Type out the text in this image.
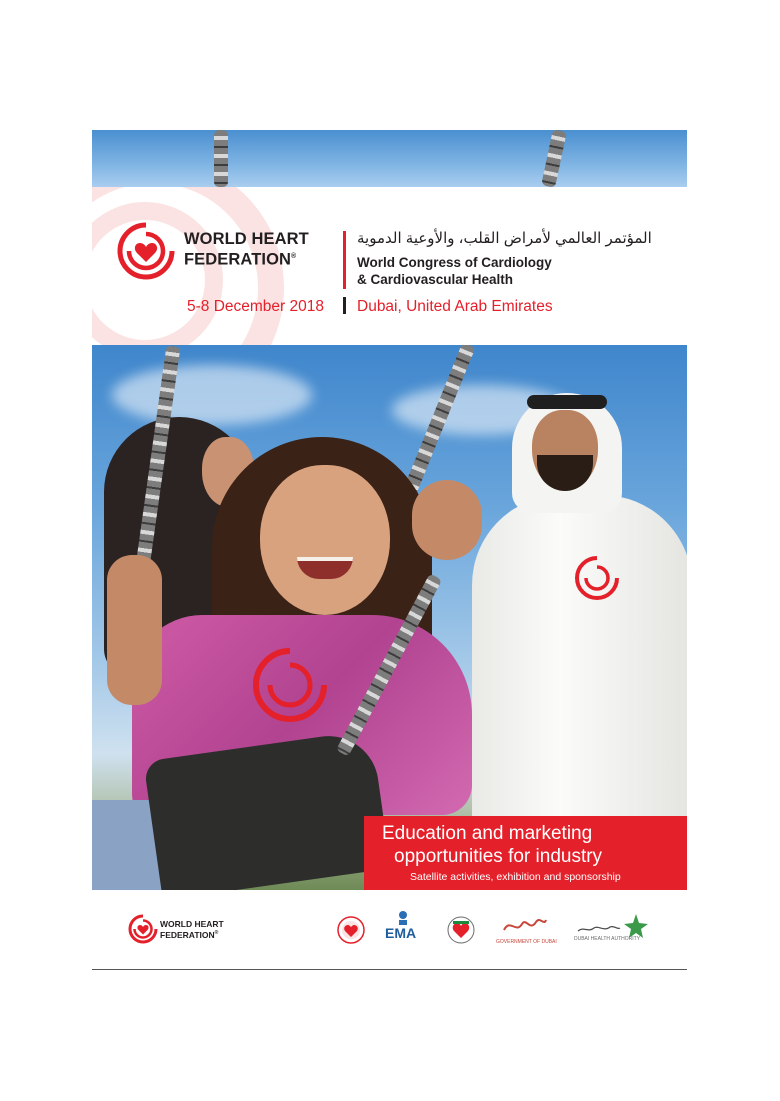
WORLD HEART
FEDERATION®
المؤتمر العالمي لأمراض القلب، والأوعية الدموية
World Congress of Cardiology
& Cardiovascular Health
5-8 December 2018 Dubai, United Arab Emirates
Education and marketing
opportunities for industry
Satellite activities, exhibition and sponsorship
WORLD HEART
FEDERATION®	EMA
GOVERNMENT OF DUBAI	DUBAI HEALTH AUTHORITY
